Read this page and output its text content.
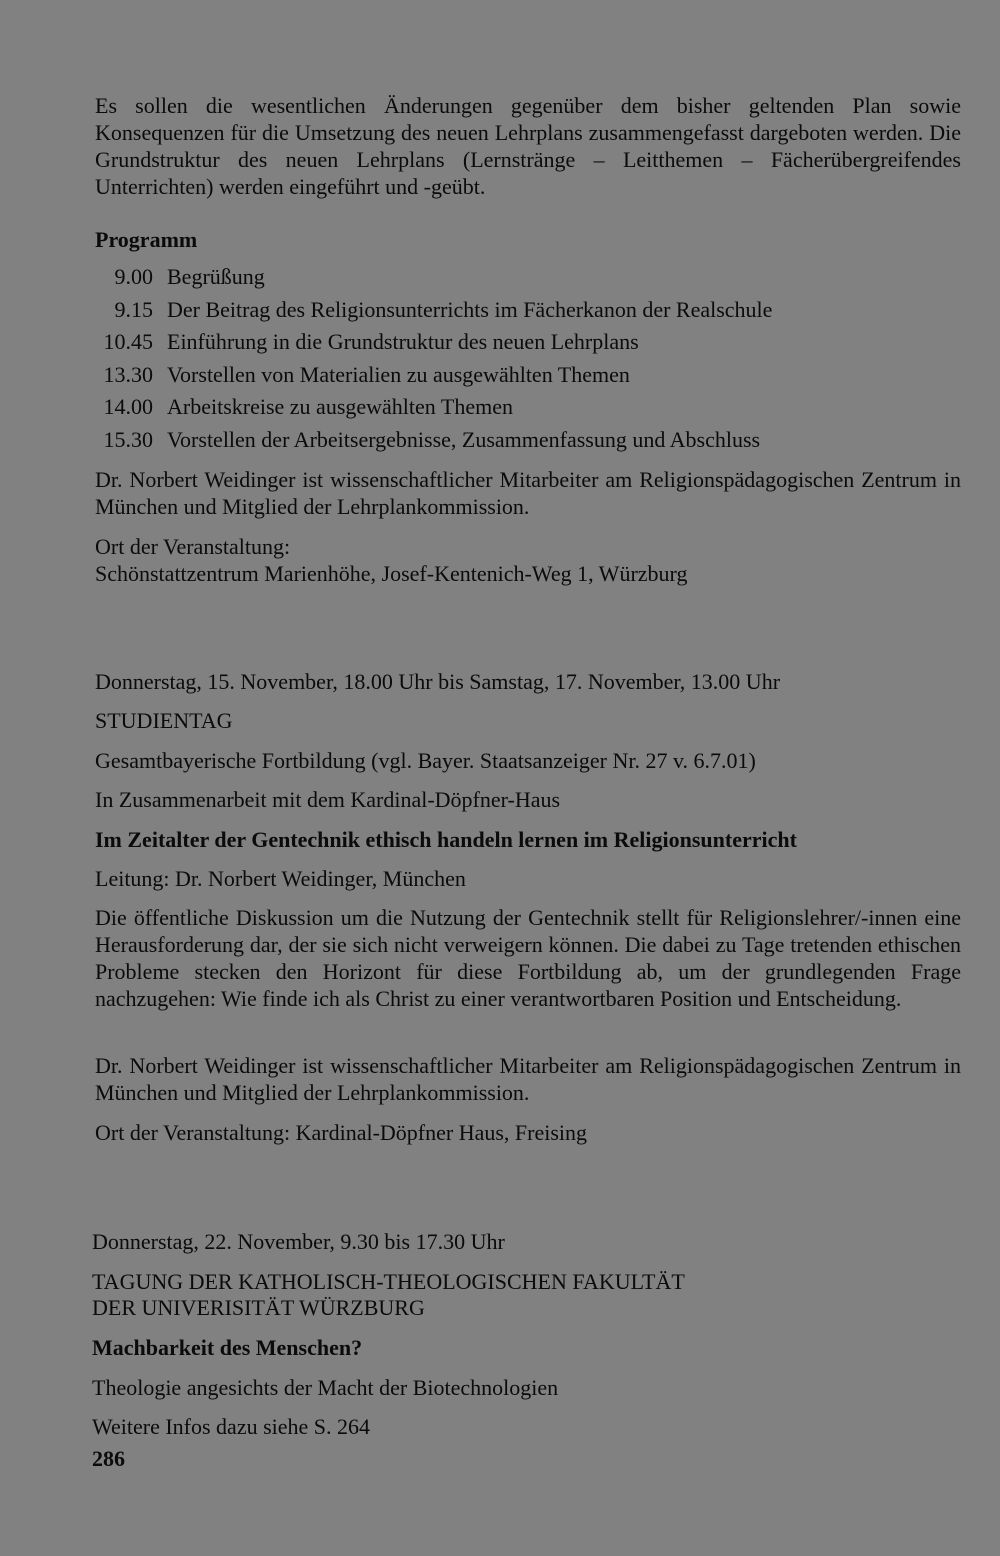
Es sollen die wesentlichen Änderungen gegenüber dem bisher geltenden Plan sowie Konsequenzen für die Umsetzung des neuen Lehrplans zusammengefasst dargeboten werden. Die Grundstruktur des neuen Lehrplans (Lernstränge – Leitthemen – Fächerübergreifendes Unterrichten) werden eingeführt und -geübt.
Programm
9.00 Begrüßung
9.15 Der Beitrag des Religionsunterrichts im Fächerkanon der Realschule
10.45 Einführung in die Grundstruktur des neuen Lehrplans
13.30 Vorstellen von Materialien zu ausgewählten Themen
14.00 Arbeitskreise zu ausgewählten Themen
15.30 Vorstellen der Arbeitsergebnisse, Zusammenfassung und Abschluss
Dr. Norbert Weidinger ist wissenschaftlicher Mitarbeiter am Religionspädagogischen Zentrum in München und Mitglied der Lehrplankommission.
Ort der Veranstaltung:
Schönstattzentrum Marienhöhe, Josef-Kentenich-Weg 1, Würzburg
Donnerstag, 15. November, 18.00 Uhr bis Samstag, 17. November, 13.00 Uhr
STUDIENTAG
Gesamtbayerische Fortbildung (vgl. Bayer. Staatsanzeiger Nr. 27 v. 6.7.01)
In Zusammenarbeit mit dem Kardinal-Döpfner-Haus
Im Zeitalter der Gentechnik ethisch handeln lernen im Religionsunterricht
Leitung: Dr. Norbert Weidinger, München
Die öffentliche Diskussion um die Nutzung der Gentechnik stellt für Religionslehrer/-innen eine Herausforderung dar, der sie sich nicht verweigern können. Die dabei zu Tage tretenden ethischen Probleme stecken den Horizont für diese Fortbildung ab, um der grundlegenden Frage nachzugehen: Wie finde ich als Christ zu einer verantwortbaren Position und Entscheidung.
Dr. Norbert Weidinger ist wissenschaftlicher Mitarbeiter am Religionspädagogischen Zentrum in München und Mitglied der Lehrplankommission.
Ort der Veranstaltung: Kardinal-Döpfner Haus, Freising
Donnerstag, 22. November, 9.30 bis 17.30 Uhr
TAGUNG DER KATHOLISCH-THEOLOGISCHEN FAKULTÄT
DER UNIVERISITÄT WÜRZBURG
Machbarkeit des Menschen?
Theologie angesichts der Macht der Biotechnologien
Weitere Infos dazu siehe S. 264
286
